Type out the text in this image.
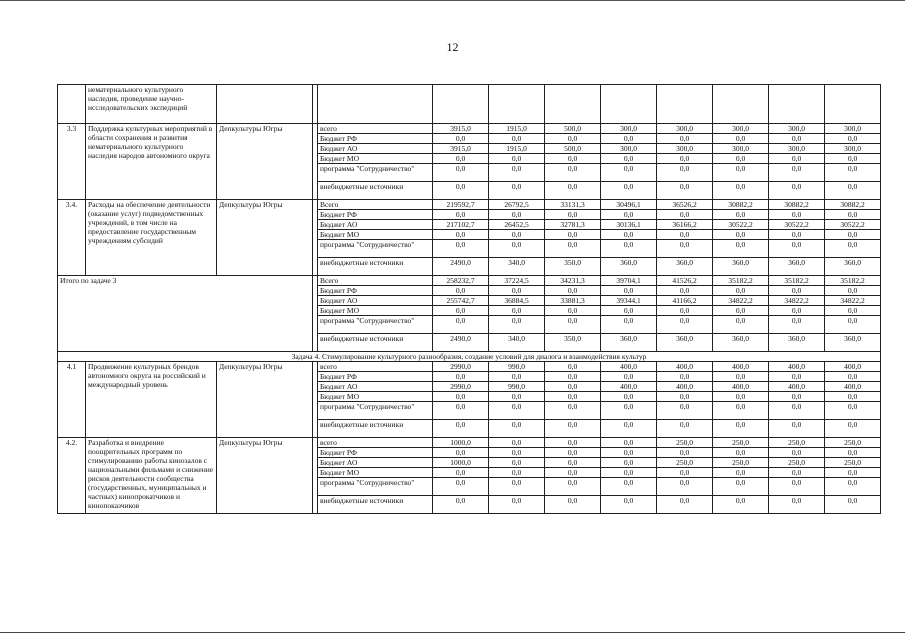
12
	нематериального культурного наследия, проведение научно-исследовательских экспедиций											
3.3	Поддержка культурных мероприятий в области сохранения и развития нематериального культурного наследия народов автономного округа	Депкультуры Югры		всего	3915,0	1915,0	500,0	300,0	300,0	300,0	300,0	300,0
				Бюджет РФ	0,0	0,0	0,0	0,0	0,0	0,0	0,0	0,0
				Бюджет АО	3915,0	1915,0	500,0	300,0	300,0	300,0	300,0	300,0
				Бюджет МО	0,0	0,0	0,0	0,0	0,0	0,0	0,0	0,0
				программа "Сотрудничество"	0,0	0,0	0,0	0,0	0,0	0,0	0,0	0,0
				внебюджетные источники	0,0	0,0	0,0	0,0	0,0	0,0	0,0	0,0
3.4.	Расходы на обеспечение деятельности (оказание услуг) подведомственных учреждений, в том числе на предоставление государственным учреждениям субсидий	Депкультуры Югры		Всего	219592,7	26792,5	33131,3	30496,1	36526,2	30882,2	30882,2	30882,2
				Бюджет РФ	0,0	0,0	0,0	0,0	0,0	0,0	0,0	0,0
				Бюджет АО	217102,7	26452,5	32781,3	30136,1	36166,2	30522,2	30522,2	30522,2
				Бюджет МО	0,0	0,0	0,0	0,0	0,0	0,0	0,0	0,0
				программа "Сотрудничество"	0,0	0,0	0,0	0,0	0,0	0,0	0,0	0,0
				внебюджетные источники	2490,0	340,0	350,0	360,0	360,0	360,0	360,0	360,0
Итого по задаче 3				Всего	258232,7	37224,5	34231,3	39704,1	41526,2	35182,2	35182,2	35182,2
				Бюджет РФ	0,0	0,0	0,0	0,0	0,0	0,0	0,0	0,0
				Бюджет АО	255742,7	36884,5	33881,3	39344,1	41166,2	34822,2	34822,2	34822,2
				Бюджет МО	0,0	0,0	0,0	0,0	0,0	0,0	0,0	0,0
				программа "Сотрудничество"	0,0	0,0	0,0	0,0	0,0	0,0	0,0	0,0
				внебюджетные источники	2490,0	340,0	350,0	360,0	360,0	360,0	360,0	360,0
Задача 4. Стимулирование культурного разнообразия, создание условий для диалога и взаимодействия культур												
4.1	Продвижение культурных брендов автономного округа на российский и международный уровень	Депкультуры Югры		всего	2990,0	990,0	0,0	400,0	400,0	400,0	400,0	400,0
				Бюджет РФ	0,0	0,0	0,0	0,0	0,0	0,0	0,0	0,0
				Бюджет АО	2990,0	990,0	0,0	400,0	400,0	400,0	400,0	400,0
				Бюджет МО	0,0	0,0	0,0	0,0	0,0	0,0	0,0	0,0
				программа "Сотрудничество"	0,0	0,0	0,0	0,0	0,0	0,0	0,0	0,0
				внебюджетные источники	0,0	0,0	0,0	0,0	0,0	0,0	0,0	0,0
4.2.	Разработка и внедрение поощрительных программ по стимулированию работы кинозалов с национальными фильмами и снижение рисков деятельности сообщества (государственных, муниципальных и частных) кинопрокатчиков и кинопоказчиков	Депкультуры Югры		всего	1000,0	0,0	0,0	0,0	250,0	250,0	250,0	250,0
				Бюджет РФ	0,0	0,0	0,0	0,0	0,0	0,0	0,0	0,0
				Бюджет АО	1000,0	0,0	0,0	0,0	250,0	250,0	250,0	250,0
				Бюджет МО	0,0	0,0	0,0	0,0	0,0	0,0	0,0	0,0
				программа "Сотрудничество"	0,0	0,0	0,0	0,0	0,0	0,0	0,0	0,0
				внебюджетные источники	0,0	0,0	0,0	0,0	0,0	0,0	0,0	0,0
